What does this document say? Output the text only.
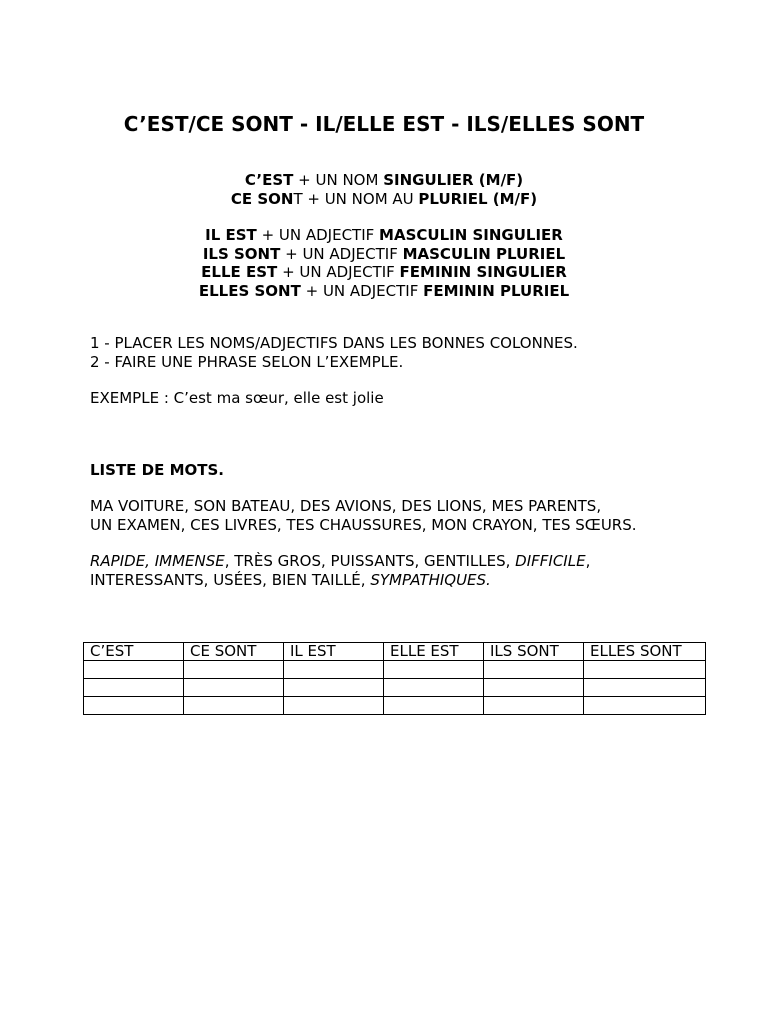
C’EST/CE SONT - IL/ELLE EST - ILS/ELLES SONT
C’EST + UN NOM SINGULIER (M/F)
CE SONT + UN NOM AU PLURIEL (M/F)
IL EST + UN ADJECTIF MASCULIN SINGULIER
ILS SONT + UN ADJECTIF MASCULIN PLURIEL
ELLE EST + UN ADJECTIF FEMININ SINGULIER
ELLES SONT + UN ADJECTIF FEMININ PLURIEL
1 - PLACER LES NOMS/ADJECTIFS DANS LES BONNES COLONNES.
2 - FAIRE UNE PHRASE SELON L’EXEMPLE.
EXEMPLE : C’est ma sœur, elle est jolie
LISTE DE MOTS.
MA VOITURE, SON BATEAU, DES AVIONS, DES LIONS, MES PARENTS,
UN EXAMEN, CES LIVRES, TES CHAUSSURES, MON CRAYON, TES SŒURS.
RAPIDE, IMMENSE, TRÈS GROS, PUISSANTS, GENTILLES, DIFFICILE,
INTERESSANTS, USÉES, BIEN TAILLÉ, SYMPATHIQUES.
C’EST	CE SONT	IL EST	ELLE EST	ILS SONT	ELLES SONT
